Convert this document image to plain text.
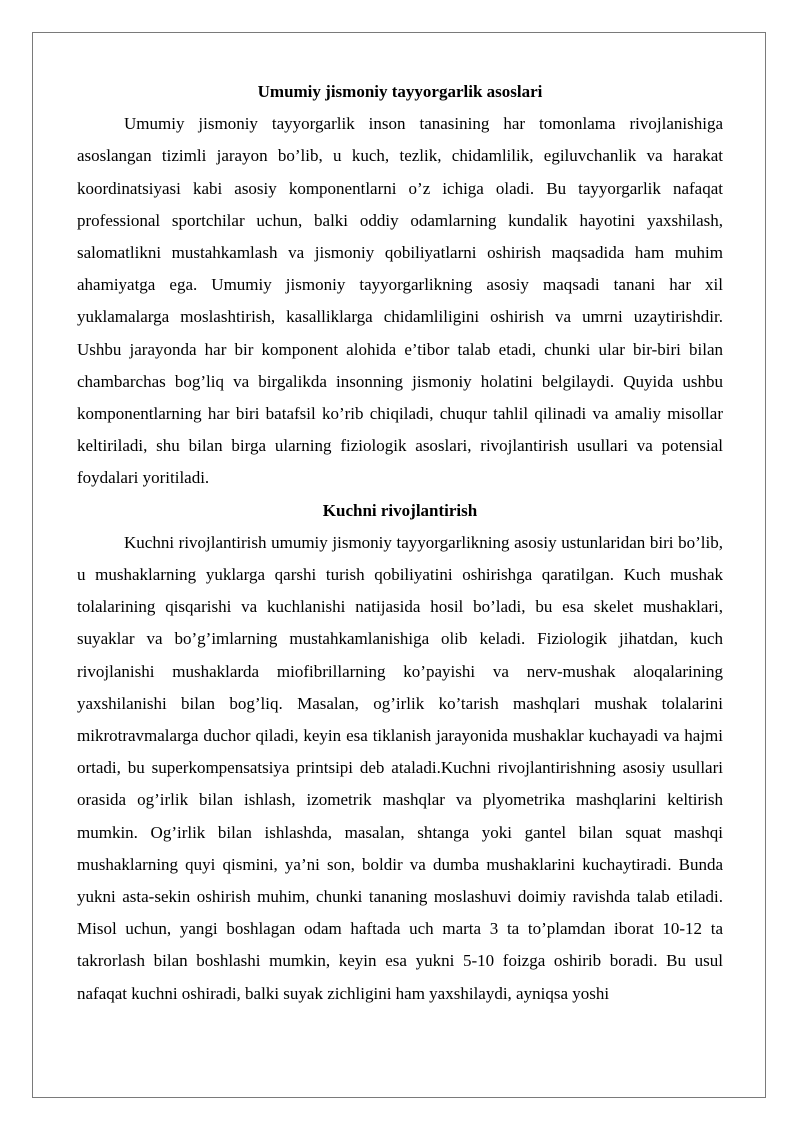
Umumiy jismoniy tayyorgarlik asoslari

Umumiy jismoniy tayyorgarlik inson tanasining har tomonlama rivojlanishiga asoslangan tizimli jarayon bo’lib, u kuch, tezlik, chidamlilik, egiluvchanlik va harakat koordinatsiyasi kabi asosiy komponentlarni o’z ichiga oladi. Bu tayyorgarlik nafaqat professional sportchilar uchun, balki oddiy odamlarning kundalik hayotini yaxshilash, salomatlikni mustahkamlash va jismoniy qobiliyatlarni oshirish maqsadida ham muhim ahamiyatga ega. Umumiy jismoniy tayyorgarlikning asosiy maqsadi tanani har xil yuklamalarga moslashtirish, kasalliklarga chidamliligini oshirish va umrni uzaytirishdir. Ushbu jarayonda har bir komponent alohida e’tibor talab etadi, chunki ular bir-biri bilan chambarchas bog’liq va birgalikda insonning jismoniy holatini belgilaydi. Quyida ushbu komponentlarning har biri batafsil ko’rib chiqiladi, chuqur tahlil qilinadi va amaliy misollar keltiriladi, shu bilan birga ularning fiziologik asoslari, rivojlantirish usullari va potensial foydalari yoritiladi.

Kuchni rivojlantirish

Kuchni rivojlantirish umumiy jismoniy tayyorgarlikning asosiy ustunlaridan biri bo’lib, u mushaklarning yuklarga qarshi turish qobiliyatini oshirishga qaratilgan. Kuch mushak tolalarining qisqarishi va kuchlanishi natijasida hosil bo’ladi, bu esa skelet mushaklari, suyaklar va bo’g’imlarning mustahkamlanishiga olib keladi. Fiziologik jihatdan, kuch rivojlanishi mushaklarda miofibrillarning ko’payishi va nerv-mushak aloqalarining yaxshilanishi bilan bog’liq. Masalan, og’irlik ko’tarish mashqlari mushak tolalarini mikrotravmalarga duchor qiladi, keyin esa tiklanish jarayonida mushaklar kuchayadi va hajmi ortadi, bu superkompensatsiya printsipi deb ataladi.Kuchni rivojlantirishning asosiy usullari orasida og’irlik bilan ishlash, izometrik mashqlar va plyometrika mashqlarini keltirish mumkin. Og’irlik bilan ishlashda, masalan, shtanga yoki gantel bilan squat mashqi mushaklarning quyi qismini, ya’ni son, boldir va dumba mushaklarini kuchaytiradi. Bunda yukni asta-sekin oshirish muhim, chunki tananing moslashuvi doimiy ravishda talab etiladi. Misol uchun, yangi boshlagan odam haftada uch marta 3 ta to’plamdan iborat 10-12 ta takrorlash bilan boshlashi mumkin, keyin esa yukni 5-10 foizga oshirib boradi. Bu usul nafaqat kuchni oshiradi, balki suyak zichligini ham yaxshilaydi, ayniqsa yoshi
